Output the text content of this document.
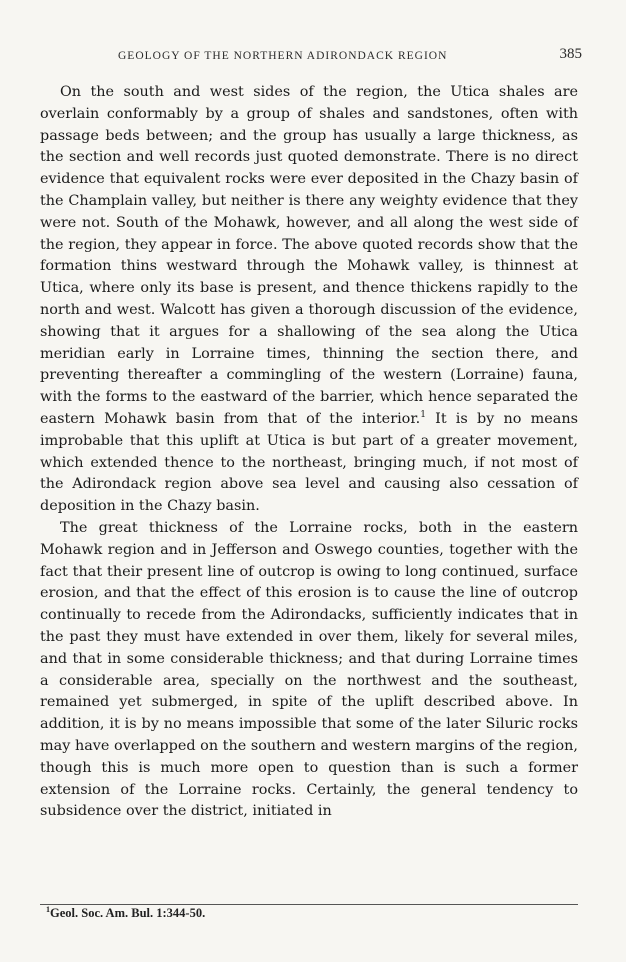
GEOLOGY OF THE NORTHERN ADIRONDACK REGION	385

On the south and west sides of the region, the Utica shales are overlain conformably by a group of shales and sandstones, often with passage beds between; and the group has usually a large thickness, as the section and well records just quoted demonstrate. There is no direct evidence that equivalent rocks were ever deposited in the Chazy basin of the Champlain valley, but neither is there any weighty evidence that they were not. South of the Mohawk, however, and all along the west side of the region, they appear in force. The above quoted records show that the formation thins westward through the Mohawk valley, is thinnest at Utica, where only its base is present, and thence thickens rapidly to the north and west. Walcott has given a thorough discussion of the evidence, showing that it argues for a shallowing of the sea along the Utica meridian early in Lorraine times, thinning the section there, and preventing thereafter a commingling of the western (Lorraine) fauna, with the forms to the eastward of the barrier, which hence separated the eastern Mohawk basin from that of the interior.$^1$ It is by no means improbable that this uplift at Utica is but part of a greater movement, which extended thence to the northeast, bringing much, if not most of the Adirondack region above sea level and causing also cessation of deposition in the Chazy basin.

The great thickness of the Lorraine rocks, both in the eastern Mohawk region and in Jefferson and Oswego counties, together with the fact that their present line of outcrop is owing to long continued, surface erosion, and that the effect of this erosion is to cause the line of outcrop continually to recede from the Adirondacks, sufficiently indicates that in the past they must have extended in over them, likely for several miles, and that in some considerable thickness; and that during Lorraine times a considerable area, specially on the northwest and the southeast, remained yet submerged, in spite of the uplift described above. In addition, it is by no means impossible that some of the later Siluric rocks may have overlapped on the southern and western margins of the region, though this is much more open to question than is such a former extension of the Lorraine rocks. Certainly, the general tendency to subsidence over the district, initiated in

$^1$Geol. Soc. Am. Bul. 1:344-50.
